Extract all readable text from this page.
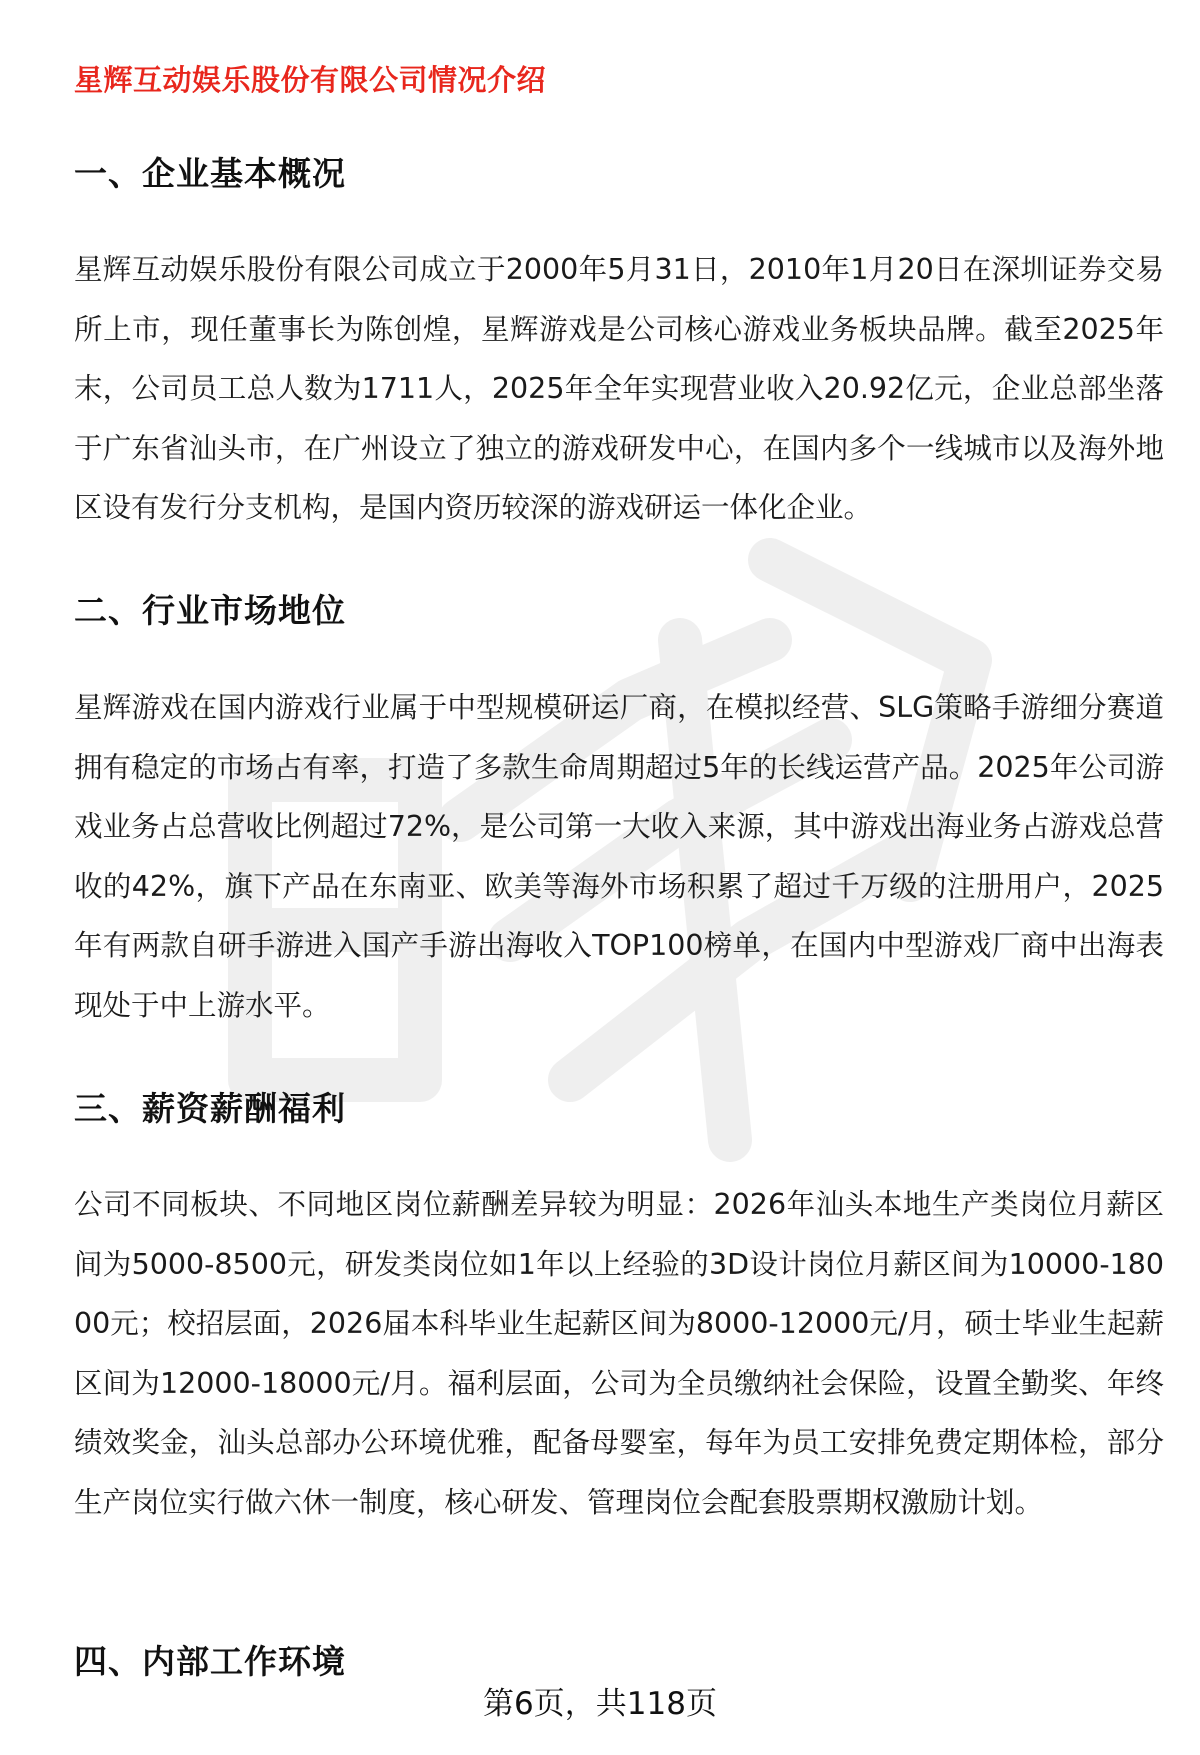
星辉互动娱乐股份有限公司情况介绍
一、企业基本概况

星辉互动娱乐股份有限公司成立于2000年5月31日，2010年1月20日在深圳证券交易所上市，现任董事长为陈创煌，星辉游戏是公司核心游戏业务板块品牌。截至2025年末，公司员工总人数为1711人，2025年全年实现营业收入20.92亿元，企业总部坐落于广东省汕头市，在广州设立了独立的游戏研发中心，在国内多个一线城市以及海外地区设有发行分支机构，是国内资历较深的游戏研运一体化企业。

二、行业市场地位

星辉游戏在国内游戏行业属于中型规模研运厂商，在模拟经营、SLG策略手游细分赛道拥有稳定的市场占有率，打造了多款生命周期超过5年的长线运营产品。2025年公司游戏业务占总营收比例超过72%，是公司第一大收入来源，其中游戏出海业务占游戏总营收的42%，旗下产品在东南亚、欧美等海外市场积累了超过千万级的注册用户，2025年有两款自研手游进入国产手游出海收入TOP100榜单，在国内中型游戏厂商中出海表现处于中上游水平。

三、薪资薪酬福利

公司不同板块、不同地区岗位薪酬差异较为明显：2026年汕头本地生产类岗位月薪区间为5000-8500元，研发类岗位如1年以上经验的3D设计岗位月薪区间为10000-18000元；校招层面，2026届本科毕业生起薪区间为8000-12000元/月，硕士毕业生起薪区间为12000-18000元/月。福利层面，公司为全员缴纳社会保险，设置全勤奖、年终绩效奖金，汕头总部办公环境优雅，配备母婴室，每年为员工安排免费定期体检，部分生产岗位实行做六休一制度，核心研发、管理岗位会配套股票期权激励计划。

四、内部工作环境

第6页，共118页
